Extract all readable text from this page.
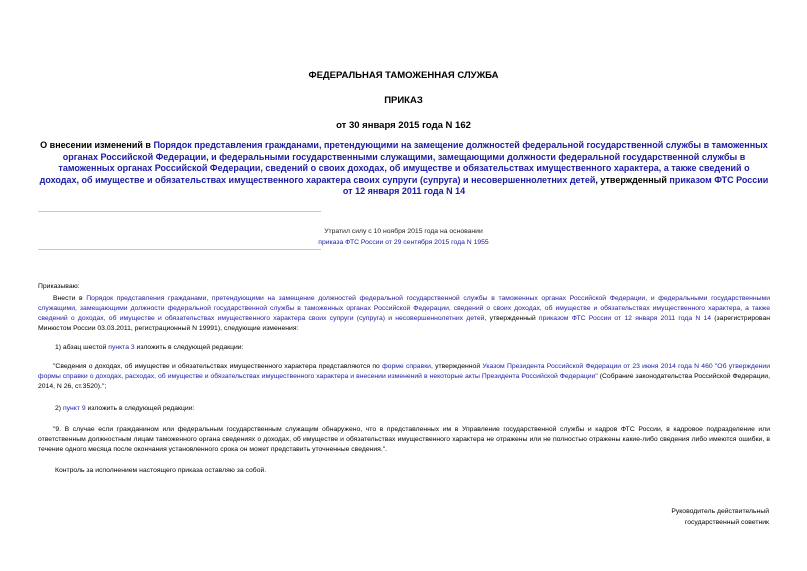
ФЕДЕРАЛЬНАЯ ТАМОЖЕННАЯ СЛУЖБА
ПРИКАЗ
от 30 января 2015 года N 162
О внесении изменений в Порядок представления гражданами, претендующими на замещение должностей федеральной государственной службы в таможенных органах Российской Федерации, и федеральными государственными служащими, замещающими должности федеральной государственной службы в таможенных органах Российской Федерации, сведений о своих доходах, об имуществе и обязательствах имущественного характера, а также сведений о доходах, об имуществе и обязательствах имущественного характера своих супруги (супруга) и несовершеннолетних детей, утвержденный приказом ФТС России от 12 января 2011 года N 14
Утратил силу с 10 ноября 2015 года на основании
приказа ФТС России от 29 сентября 2015 года N 1955
Приказываю:
Внести в Порядок представления гражданами, претендующими на замещение должностей федеральной государственной службы в таможенных органах Российской Федерации, и федеральными государственными служащими, замещающими должности федеральной государственной службы в таможенных органах Российской Федерации, сведений о своих доходах, об имуществе и обязательствах имущественного характера, а также сведений о доходах, об имуществе и обязательствах имущественного характера своих супруги (супруга) и несовершеннолетних детей, утвержденный приказом ФТС России от 12 января 2011 года N 14 (зарегистрирован Минюстом России 03.03.2011, регистрационный N 19991), следующие изменения:
1) абзац шестой пункта 3 изложить в следующей редакции:
"Сведения о доходах, об имуществе и обязательствах имущественного характера представляются по форме справки, утвержденной Указом Президента Российской Федерации от 23 июня 2014 года N 460 "Об утверждении формы справки о доходах, расходах, об имуществе и обязательствах имущественного характера и внесении изменений в некоторые акты Президента Российской Федерации" (Собрание законодательства Российской Федерации, 2014, N 26, ст.3520).";
2) пункт 9 изложить в следующей редакции:
"9. В случае если гражданином или федеральным государственным служащим обнаружено, что в представленных им в Управление государственной службы и кадров ФТС России, в кадровое подразделение или ответственным должностным лицам таможенного органа сведениях о доходах, об имуществе и обязательствах имущественного характера не отражены или не полностью отражены какие-либо сведения либо имеются ошибки, в течение одного месяца после окончания установленного срока он может представить уточненные сведения.".
Контроль за исполнением настоящего приказа оставляю за собой.
Руководитель действительный
государственный советник
